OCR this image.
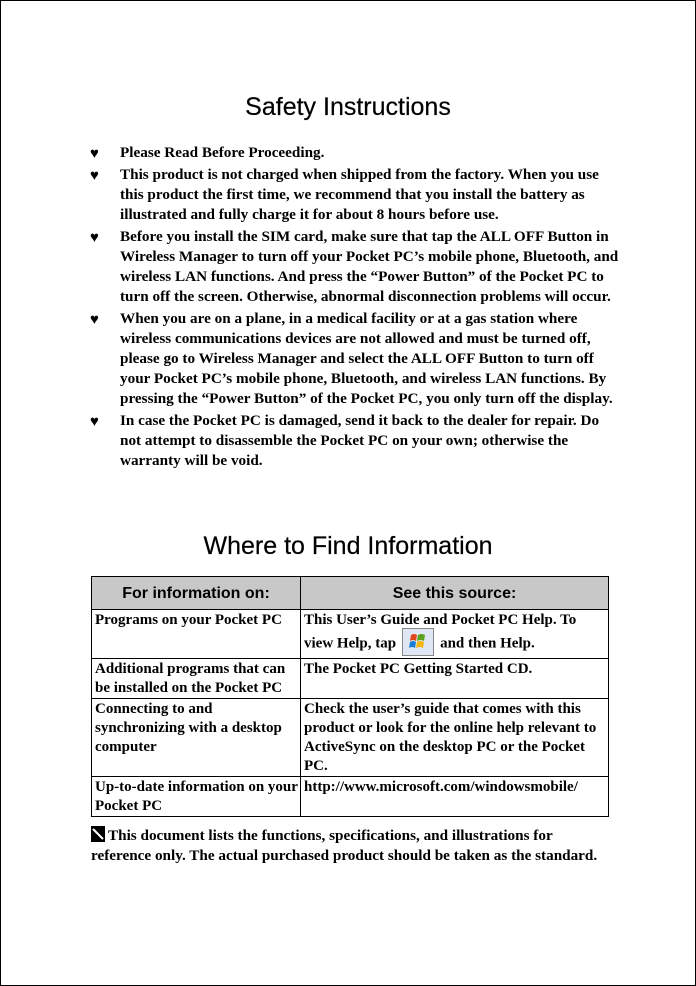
Safety Instructions
♥ Please Read Before Proceeding.
♥ This product is not charged when shipped from the factory. When you use this product the first time, we recommend that you install the battery as illustrated and fully charge it for about 8 hours before use.
♥ Before you install the SIM card, make sure that tap the ALL OFF Button in Wireless Manager to turn off your Pocket PC’s mobile phone, Bluetooth, and wireless LAN functions. And press the “Power Button” of the Pocket PC to turn off the screen. Otherwise, abnormal disconnection problems will occur.
♥ When you are on a plane, in a medical facility or at a gas station where wireless communications devices are not allowed and must be turned off, please go to Wireless Manager and select the ALL OFF Button to turn off your Pocket PC’s mobile phone, Bluetooth, and wireless LAN functions. By pressing the “Power Button” of the Pocket PC, you only turn off the display.
♥ In case the Pocket PC is damaged, send it back to the dealer for repair. Do not attempt to disassemble the Pocket PC on your own; otherwise the warranty will be void.
Where to Find Information
For information on:	See this source:
Programs on your Pocket PC	This User’s Guide and Pocket PC Help. To view Help, tap and then Help.
Additional programs that can be installed on the Pocket PC	The Pocket PC Getting Started CD.
Connecting to and synchronizing with a desktop computer	Check the user’s guide that comes with this product or look for the online help relevant to ActiveSync on the desktop PC or the Pocket PC.
Up-to-date information on your Pocket PC	http://www.microsoft.com/windowsmobile/
This document lists the functions, specifications, and illustrations for reference only. The actual purchased product should be taken as the standard.
